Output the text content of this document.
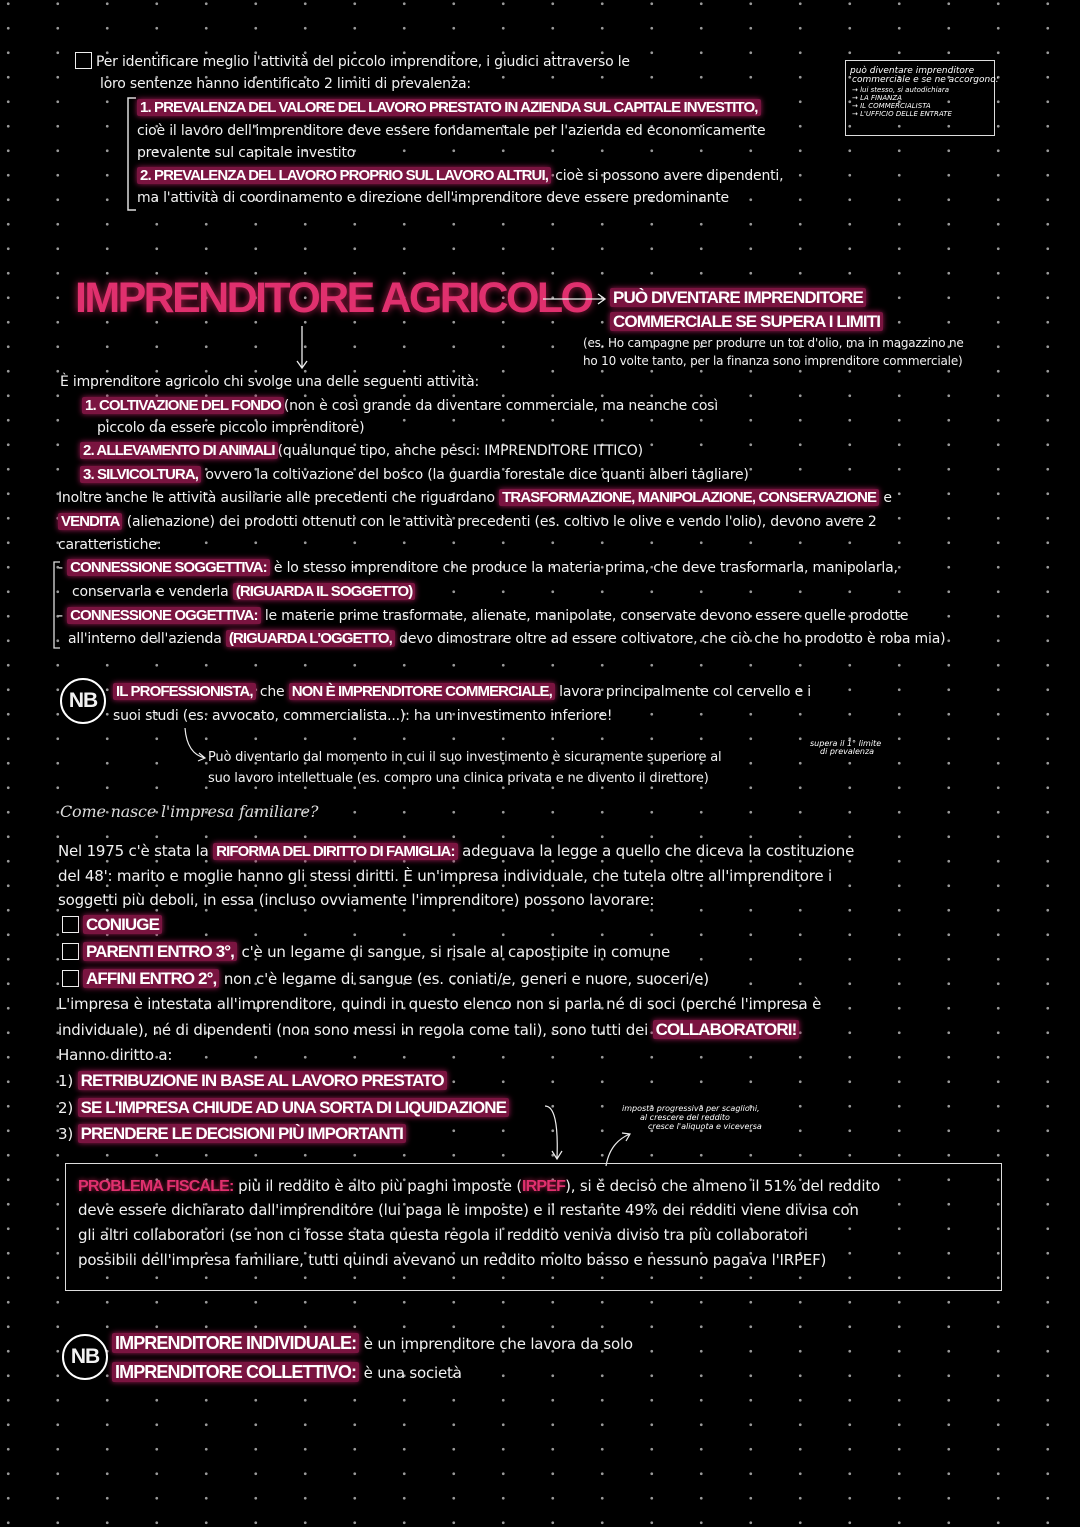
Per identificare meglio l'attività del piccolo imprenditore, i giudici attraverso le
loro sentenze hanno identificato 2 limiti di prevalenza:
1. PREVALENZA DEL VALORE DEL LAVORO PRESTATO IN AZIENDA SUL CAPITALE INVESTITO,
cioè il lavoro dell'imprenditore deve essere fondamentale per l'azienda ed economicamente
prevalente sul capitale investito
2. PREVALENZA DEL LAVORO PROPRIO SUL LAVORO ALTRUI, cioè si possono avere dipendenti,
ma l'attività di coordinamento e direzione dell'imprenditore deve essere predominante
può diventare imprenditore
commerciale e se ne accorgono:
→ lui stesso, si autodichiara
→ LA FINANZA
→ IL COMMERCIALISTA
→ L'UFFICIO DELLE ENTRATE
IMPRENDITORE AGRICOLO PUÒ DIVENTARE IMPRENDITORE
COMMERCIALE SE SUPERA I LIMITI
(es. Ho campagne per produrre un tot d'olio, ma in magazzino ne
ho 10 volte tanto, per la finanza sono imprenditore commerciale)
È imprenditore agricolo chi svolge una delle seguenti attività:
1. COLTIVAZIONE DEL FONDO (non è così grande da diventare commerciale, ma neanche così
piccolo da essere piccolo imprenditore)
2. ALLEVAMENTO DI ANIMALI (qualunque tipo, anche pesci: IMPRENDITORE ITTICO)
3. SILVICOLTURA, ovvero la coltivazione del bosco (la guardia forestale dice quanti alberi tagliare)
Inoltre anche le attività ausiliarie alle precedenti che riguardano TRASFORMAZIONE, MANIPOLAZIONE, CONSERVAZIONE e
VENDITA (alienazione) dei prodotti ottenuti con le attività precedenti (es. coltivo le olive e vendo l'olio), devono avere 2
caratteristiche:
- CONNESSIONE SOGGETTIVA: è lo stesso imprenditore che produce la materia prima, che deve trasformarla, manipolarla,
conservarla e venderla (RIGUARDA IL SOGGETTO)
- CONNESSIONE OGGETTIVA: le materie prime trasformate, alienate, manipolate, conservate devono essere quelle prodotte
all'interno dell'azienda (RIGUARDA L'OGGETTO, devo dimostrare oltre ad essere coltivatore, che ciò che ho prodotto è roba mia)
NB	IL PROFESSIONISTA, che NON È IMPRENDITORE COMMERCIALE, lavora principalmente col cervello e i
suoi studi (es. avvocato, commercialista...): ha un investimento inferiore!
Può diventarlo dal momento in cui il suo investimento è sicuramente superiore al
suo lavoro intellettuale (es. compro una clinica privata e ne divento il direttore)
supera il 1° limite
di prevalenza
Come nasce l'impresa familiare?
Nel 1975 c'è stata la RIFORMA DEL DIRITTO DI FAMIGLIA: adeguava la legge a quello che diceva la costituzione
del 48': marito e moglie hanno gli stessi diritti. È un'impresa individuale, che tutela oltre all'imprenditore i
soggetti più deboli, in essa (incluso ovviamente l'imprenditore) possono lavorare:
CONIUGE
PARENTI ENTRO 3°, c'è un legame di sangue, si risale al capostipite in comune
AFFINI ENTRO 2°, non c'è legame di sangue (es. coniati/e, generi e nuore, suoceri/e)
L'impresa è intestata all'imprenditore, quindi in questo elenco non si parla né di soci (perché l'impresa è
individuale), né di dipendenti (non sono messi in regola come tali), sono tutti dei COLLABORATORI!
Hanno diritto a:
1) RETRIBUZIONE IN BASE AL LAVORO PRESTATO
2) SE L'IMPRESA CHIUDE AD UNA SORTA DI LIQUIDAZIONE
3) PRENDERE LE DECISIONI PIÙ IMPORTANTI
imposta progressiva per scaglioni,
al crescere del reddito
cresce l'aliquota e viceversa
PROBLEMA FISCALE: più il reddito è alto più paghi imposte (IRPEF), si è deciso che almeno il 51% del reddito
deve essere dichiarato dall'imprenditore (lui paga le imposte) e il restante 49% dei redditi viene divisa con
gli altri collaboratori (se non ci fosse stata questa regola il reddito veniva diviso tra più collaboratori
possibili dell'impresa familiare, tutti quindi avevano un reddito molto basso e nessuno pagava l'IRPEF)
NB
IMPRENDITORE INDIVIDUALE: è un imprenditore che lavora da solo
IMPRENDITORE COLLETTIVO: è una società
